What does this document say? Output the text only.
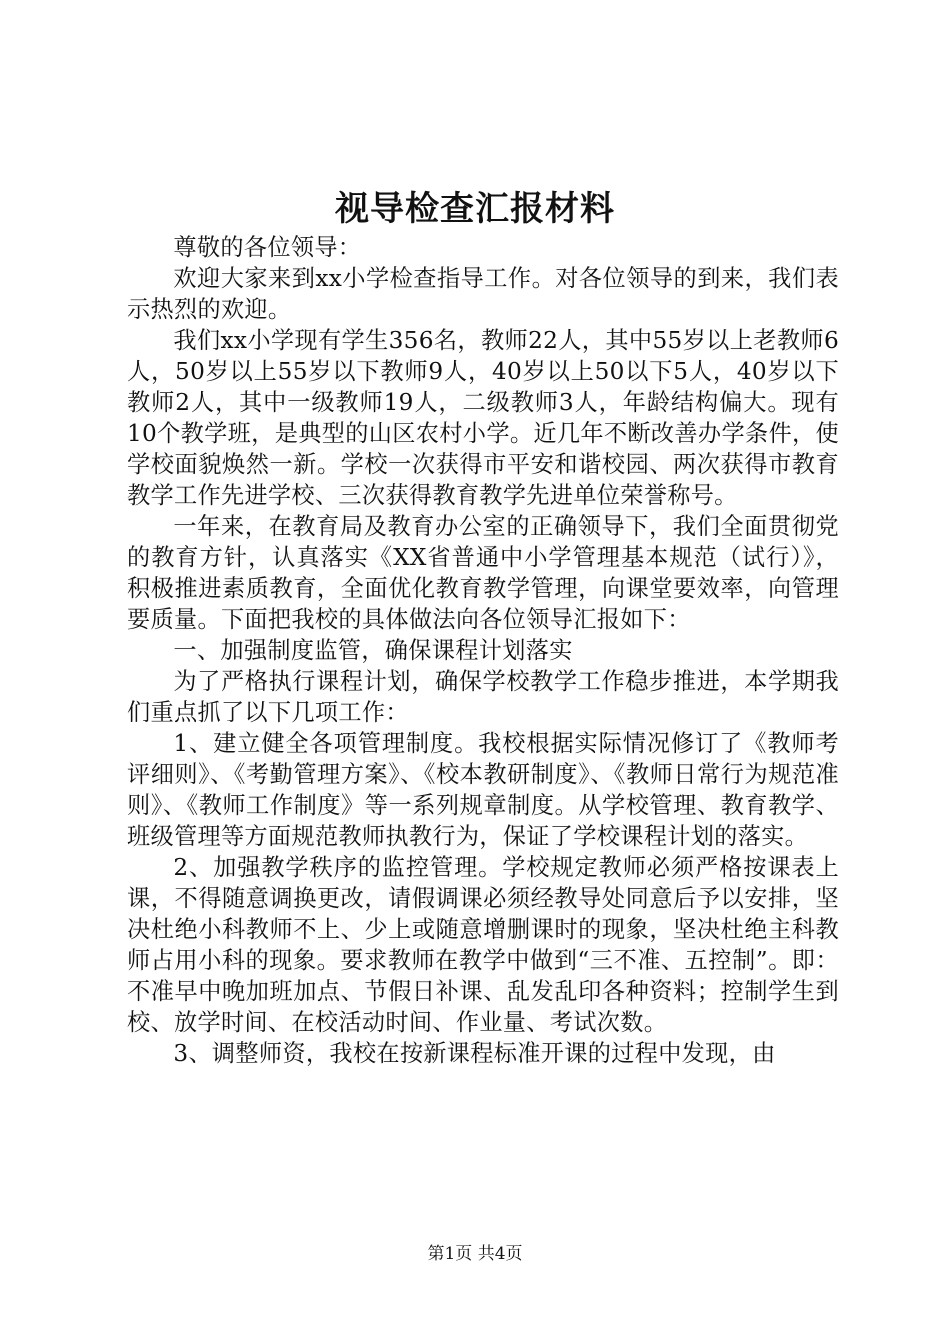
视导检查汇报材料

尊敬的各位领导：

欢迎大家来到xx小学检查指导工作。对各位领导的到来，我们表示热烈的欢迎。

我们xx小学现有学生356名，教师22人，其中55岁以上老教师6人，50岁以上55岁以下教师9人，40岁以上50以下5人，40岁以下教师2人，其中一级教师19人，二级教师3人，年龄结构偏大。现有10个教学班，是典型的山区农村小学。近几年不断改善办学条件，使学校面貌焕然一新。学校一次获得市平安和谐校园、两次获得市教育教学工作先进学校、三次获得教育教学先进单位荣誉称号。

一年来，在教育局及教育办公室的正确领导下，我们全面贯彻党的教育方针，认真落实《XX省普通中小学管理基本规范（试行）》，积极推进素质教育，全面优化教育教学管理，向课堂要效率，向管理要质量。下面把我校的具体做法向各位领导汇报如下：

一、加强制度监管，确保课程计划落实

为了严格执行课程计划，确保学校教学工作稳步推进，本学期我们重点抓了以下几项工作：

1、建立健全各项管理制度。我校根据实际情况修订了《教师考评细则》、《考勤管理方案》、《校本教研制度》、《教师日常行为规范准则》、《教师工作制度》等一系列规章制度。从学校管理、教育教学、班级管理等方面规范教师执教行为，保证了学校课程计划的落实。

2、加强教学秩序的监控管理。学校规定教师必须严格按课表上课，不得随意调换更改，请假调课必须经教导处同意后予以安排，坚决杜绝小科教师不上、少上或随意增删课时的现象，坚决杜绝主科教师占用小科的现象。要求教师在教学中做到“三不准、五控制”。即：不准早中晚加班加点、节假日补课、乱发乱印各种资料；控制学生到校、放学时间、在校活动时间、作业量、考试次数。

3、调整师资，我校在按新课程标准开课的过程中发现，由

第1页 共4页
